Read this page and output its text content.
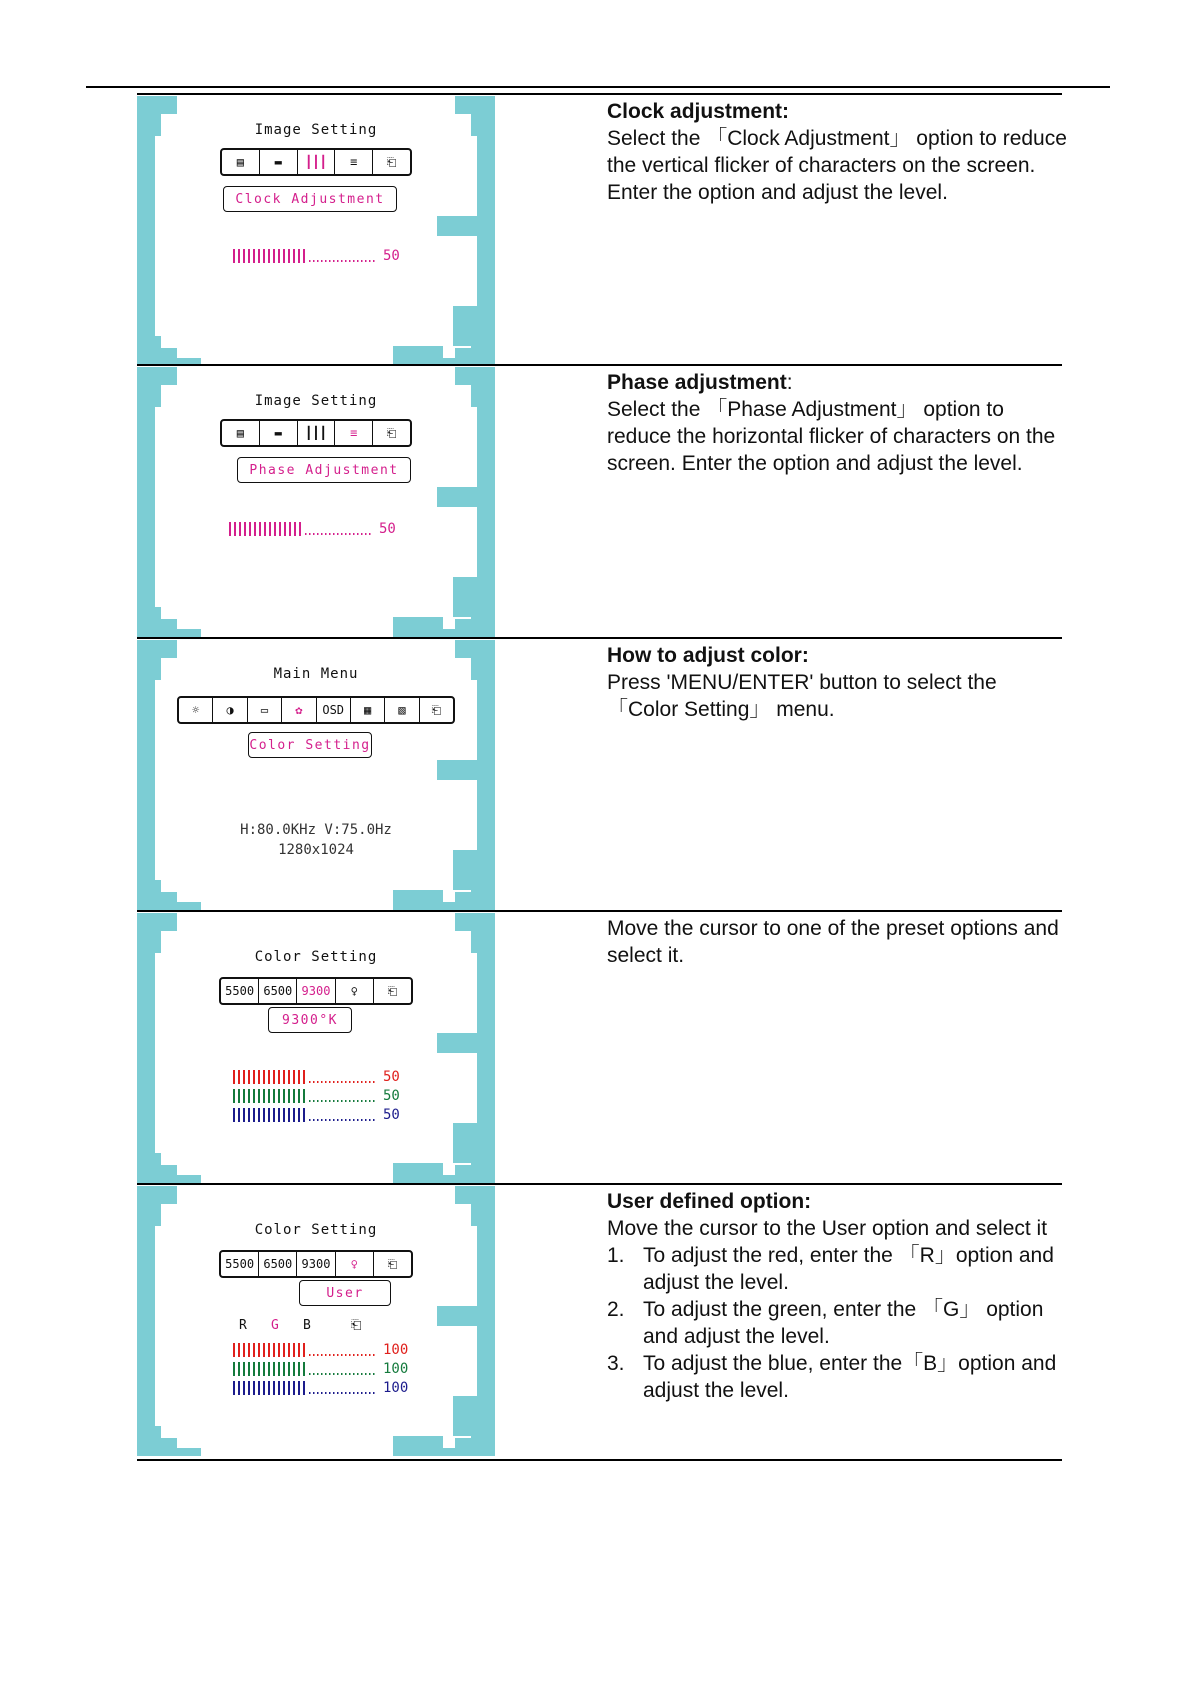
Image Setting
▤	▬	┃┃┃	≡	⎗
Clock Adjustment
50
Clock adjustment:

Select the 「Clock Adjustment」 option to reduce the vertical flicker of characters on the screen. Enter the option and adjust the level.

Image Setting
▤	▬	┃┃┃	≡	⎗
Phase Adjustment
50
Phase adjustment:

Select the 「Phase Adjustment」 option to reduce the horizontal flicker of characters on the screen. Enter the option and adjust the level.

Main Menu
☼	◑	▭	✿	OSD	▦	▧	⎗
Color Setting
H:80.0KHz V:75.0Hz
1280x1024
How to adjust color:

Press 'MENU/ENTER' button to select the 「Color Setting」 menu.

Color Setting
5500 6500 9300	♀	⎗
9300°K
50
50
50

Move the cursor to one of the preset options and select it.

Color Setting
5500 6500 9300	♀	⎗
User
R G B	⎗
100
100
100
User defined option:

Move the cursor to the User option and select it

1. To adjust the red, enter the 「R」option and adjust the level.
2. To adjust the green, enter the 「G」 option and adjust the level.
3. To adjust the blue, enter the「B」option and adjust the level.
